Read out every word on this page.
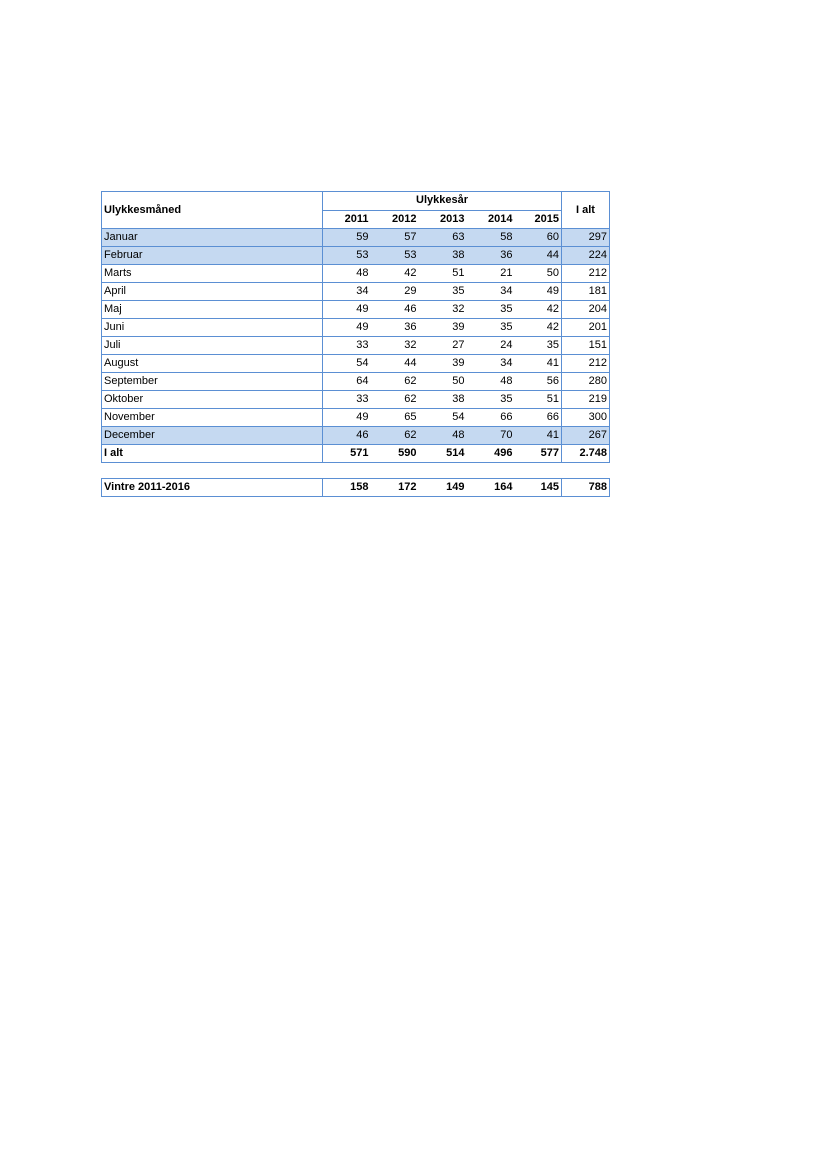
Ulykkesmåned	Ulykkesår					I alt
	2011	2012	2013	2014	2015	
Januar	59	57	63	58	60	297
Februar	53	53	38	36	44	224
Marts	48	42	51	21	50	212
April	34	29	35	34	49	181
Maj	49	46	32	35	42	204
Juni	49	36	39	35	42	201
Juli	33	32	27	24	35	151
August	54	44	39	34	41	212
September	64	62	50	48	56	280
Oktober	33	62	38	35	51	219
November	49	65	54	66	66	300
December	46	62	48	70	41	267
I alt	571	590	514	496	577	2.748

Vintre 2011-2016	158	172	149	164	145	788
